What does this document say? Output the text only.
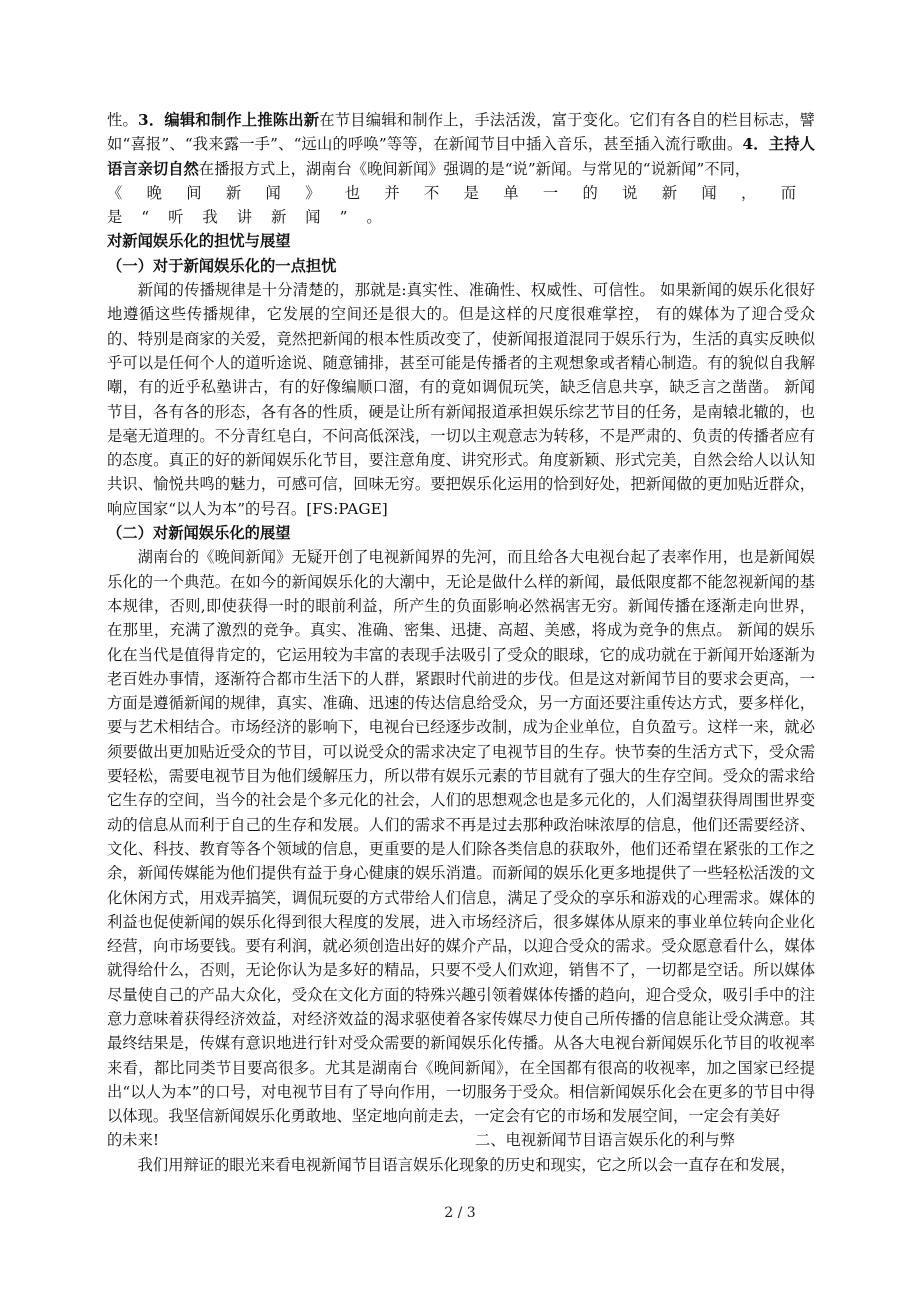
性。3．编辑和制作上推陈出新在节目编辑和制作上，手法活泼，富于变化。它们有各自的栏目标志，譬如“喜报”、“我来露一手”、“远山的呼唤”等等，在新闻节目中插入音乐，甚至插入流行歌曲。4．主持人语言亲切自然在播报方式上，湖南台《晚间新闻》强调的是“说”新闻。与常见的“说新闻”不同，

《晚间新闻》也并不是单一的说新闻，而是“听我讲新闻”。

对新闻娱乐化的担忧与展望

（一）对于新闻娱乐化的一点担忧

新闻的传播规律是十分清楚的，那就是:真实性、准确性、权威性、可信性。 如果新闻的娱乐化很好地遵循这些传播规律，它发展的空间还是很大的。但是这样的尺度很难掌控， 有的媒体为了迎合受众的、特别是商家的关爱，竟然把新闻的根本性质改变了，使新闻报道混同于娱乐行为，生活的真实反映似乎可以是任何个人的道听途说、随意铺排，甚至可能是传播者的主观想象或者精心制造。有的貌似自我解嘲，有的近乎私塾讲古，有的好像编顺口溜，有的竟如调侃玩笑，缺乏信息共享，缺乏言之凿凿。 新闻节目，各有各的形态，各有各的性质，硬是让所有新闻报道承担娱乐综艺节目的任务，是南辕北辙的，也是毫无道理的。不分青红皂白，不问高低深浅，一切以主观意志为转移，不是严肃的、负责的传播者应有的态度。真正的好的新闻娱乐化节目，要注意角度、讲究形式。角度新颖、形式完美，自然会给人以认知共识、愉悦共鸣的魅力，可感可信，回味无穷。要把娱乐化运用的恰到好处，把新闻做的更加贴近群众，响应国家“以人为本”的号召。[FS:PAGE]

（二）对新闻娱乐化的展望

湖南台的《晚间新闻》无疑开创了电视新闻界的先河，而且给各大电视台起了表率作用，也是新闻娱乐化的一个典范。在如今的新闻娱乐化的大潮中，无论是做什么样的新闻，最低限度都不能忽视新闻的基本规律，否则,即使获得一时的眼前利益，所产生的负面影响必然祸害无穷。新闻传播在逐渐走向世界，在那里，充满了激烈的竞争。真实、准确、密集、迅捷、高超、美感，将成为竞争的焦点。 新闻的娱乐化在当代是值得肯定的，它运用较为丰富的表现手法吸引了受众的眼球，它的成功就在于新闻开始逐渐为老百姓办事情，逐渐符合都市生活下的人群，紧跟时代前进的步伐。但是这对新闻节目的要求会更高，一方面是遵循新闻的规律，真实、准确、迅速的传达信息给受众，另一方面还要注重传达方式，要多样化，要与艺术相结合。市场经济的影响下，电视台已经逐步改制，成为企业单位，自负盈亏。这样一来，就必须要做出更加贴近受众的节目，可以说受众的需求决定了电视节目的生存。快节奏的生活方式下，受众需要轻松，需要电视节目为他们缓解压力，所以带有娱乐元素的节目就有了强大的生存空间。受众的需求给它生存的空间，当今的社会是个多元化的社会，人们的思想观念也是多元化的，人们渴望获得周围世界变动的信息从而利于自己的生存和发展。人们的需求不再是过去那种政治味浓厚的信息，他们还需要经济、文化、科技、教育等各个领域的信息，更重要的是人们除各类信息的获取外，他们还希望在紧张的工作之余，新闻传媒能为他们提供有益于身心健康的娱乐消遣。而新闻的娱乐化更多地提供了一些轻松活泼的文化休闲方式，用戏弄搞笑，调侃玩耍的方式带给人们信息，满足了受众的享乐和游戏的心理需求。媒体的利益也促使新闻的娱乐化得到很大程度的发展，进入市场经济后，很多媒体从原来的事业单位转向企业化经营，向市场要钱。要有利润，就必须创造出好的媒介产品，以迎合受众的需求。受众愿意看什么，媒体就得给什么，否则，无论你认为是多好的精品，只要不受人们欢迎，销售不了，一切都是空话。所以媒体尽量使自己的产品大众化，受众在文化方面的特殊兴趣引领着媒体传播的趋向，迎合受众，吸引手中的注意力意味着获得经济效益，对经济效益的渴求驱使着各家传媒尽力使自己所传播的信息能让受众满意。其最终结果是，传媒有意识地进行针对受众需要的新闻娱乐化传播。从各大电视台新闻娱乐化节目的收视率来看，都比同类节目要高很多。尤其是湖南台《晚间新闻》，在全国都有很高的收视率，加之国家已经提出“以人为本”的口号，对电视节目有了导向作用，一切服务于受众。相信新闻娱乐化会在更多的节目中得以体现。我坚信新闻娱乐化勇敢地、坚定地向前走去，一定会有它的市场和发展空间，一定会有美好

的未来!	二、电视新闻节目语言娱乐化的利与弊

我们用辩证的眼光来看电视新闻节目语言娱乐化现象的历史和现实，它之所以会一直存在和发展，

2 / 3
